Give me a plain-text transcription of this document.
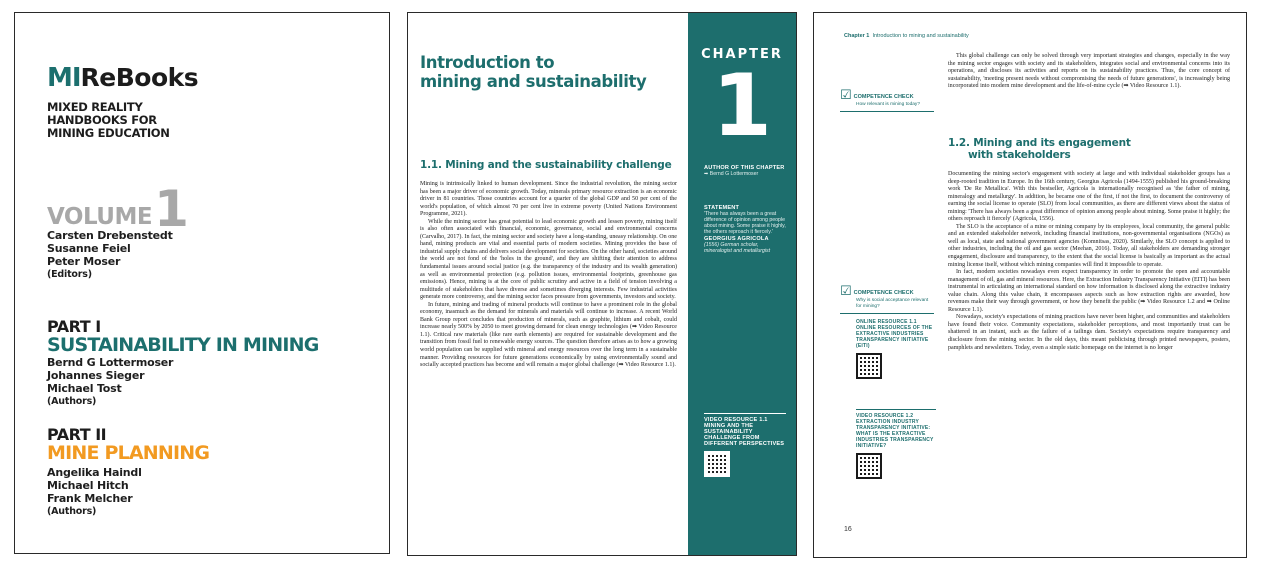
MI ReBooks
MIXED REALITY
HANDBOOKS FOR
MINING EDUCATION
VOLUME 1
Carsten Drebenstedt
Susanne Feiel
Peter Moser
(Editors)
PART I
SUSTAINABILITY IN MINING
Bernd G Lottermoser
Johannes Sieger
Michael Tost
(Authors)
PART II
MINE PLANNING
Angelika Haindl
Michael Hitch
Frank Melcher
(Authors)
Introduction to
mining and sustainability
1.1. Mining and the sustainability challenge

Mining is intrinsically linked to human development. Since the industrial revolution, the mining sector has been a major driver of economic growth. Today, minerals primary resource extraction is an economic driver in 81 countries. Those countries account for a quarter of the global GDP and 50 per cent of the world's population, of which almost 70 per cent live in extreme poverty (United Nations Environment Programme, 2021).

While the mining sector has great potential to lead economic growth and lessen poverty, mining itself is also often associated with financial, economic, governance, social and environmental concerns (Carvalho, 2017). In fact, the mining sector and society have a long-standing, uneasy relationship. On one hand, mining products are vital and essential parts of modern societies. Mining provides the base of industrial supply chains and delivers social development for societies. On the other hand, societies around the world are not fond of the 'holes in the ground', and they are shifting their attention to address fundamental issues around social justice (e.g. the transparency of the industry and its wealth generation) as well as environmental protection (e.g. pollution issues, environmental footprints, greenhouse gas emissions). Hence, mining is at the core of public scrutiny and active in a field of tension involving a multitude of stakeholders that have diverse and sometimes diverging interests. Few industrial activities generate more controversy, and the mining sector faces pressure from governments, investors and society.

In future, mining and trading of mineral products will continue to have a prominent role in the global economy, inasmuch as the demand for minerals and materials will continue to increase. A recent World Bank Group report concludes that production of minerals, such as graphite, lithium and cobalt, could increase nearly 500% by 2050 to meet growing demand for clean energy technologies (➡ Video Resource 1.1). Critical raw materials (like rare earth elements) are required for sustainable development and the transition from fossil fuel to renewable energy sources. The question therefore arises as to how a growing world population can be supplied with mineral and energy resources over the long term in a sustainable manner. Providing resources for future generations economically by using environmentally sound and socially accepted practices has become and will remain a major global challenge (➡ Video Resource 1.1).

CHAPTER
1
AUTHOR OF THIS CHAPTER
➡ Bernd G Lottermoser
STATEMENT
'There has always been a great difference of opinion among people about mining. Some praise it highly, the others reproach it fiercely.'
GEORGIUS AGRICOLA
(1556) German scholar, mineralogist and metallurgist
VIDEO RESOURCE 1.1 MINING AND THE SUSTAINABILITY CHALLENGE FROM DIFFERENT PERSPECTIVES
Chapter 1 Introduction to mining and sustainability
☑ COMPETENCE CHECK
How relevant is mining today?
☑ COMPETENCE CHECK
Why is social acceptance relevant for mining?
ONLINE RESOURCE 1.1 ONLINE RESOURCES OF THE EXTRACTIVE INDUSTRIES TRANSPARENCY INITIATIVE (EITI)
VIDEO RESOURCE 1.2 EXTRACTION INDUSTRY TRANSPARENCY INITIATIVE: WHAT IS THE EXTRACTIVE INDUSTRIES TRANSPARENCY INITIATIVE?

This global challenge can only be solved through very important strategies and changes, especially in the way the mining sector engages with society and its stakeholders, integrates social and environmental concerns into its operations, and discloses its activities and reports on its sustainability practices. Thus, the core concept of sustainability, 'meeting present needs without compromising the needs of future generations', is increasingly being incorporated into modern mine development and the life-of-mine cycle (➡ Video Resource 1.1).

1.2. Mining and its engagement
with stakeholders

Documenting the mining sector's engagement with society at large and with individual stakeholder groups has a deep-rooted tradition in Europe. In the 16th century, Georgius Agricola (1494-1555) published his ground-breaking work 'De Re Metallica'. With this bestseller, Agricola is internationally recognised as 'the father of mining, mineralogy and metallurgy'. In addition, he became one of the first, if not the first, to document the controversy of earning the social license to operate (SLO) from local communities, as there are different views about the status of mining: 'There has always been a great difference of opinion among people about mining. Some praise it highly; the others reproach it fiercely' (Agricola, 1556).

The SLO is the acceptance of a mine or mining company by its employees, local community, the general public and an extended stakeholder network, including financial institutions, non-governmental organisations (NGOs) as well as local, state and national government agencies (Komnitsas, 2020). Similarly, the SLO concept is applied to other industries, including the oil and gas sector (Meehan, 2016). Today, all stakeholders are demanding stronger engagement, disclosure and transparency, to the extent that the social license is basically as important as the actual mining license itself, without which mining companies will find it impossible to operate.

In fact, modern societies nowadays even expect transparency in order to promote the open and accountable management of oil, gas and mineral resources. Here, the Extraction Industry Transparency Initiative (EITI) has been instrumental in articulating an international standard on how information is disclosed along the extractive industry value chain. Along this value chain, it encompasses aspects such as how extraction rights are awarded, how revenues make their way through government, or how they benefit the public (➡ Video Resource 1.2 and ➡ Online Resource 1.1).

Nowadays, society's expectations of mining practices have never been higher, and communities and stakeholders have found their voice. Community expectations, stakeholder perceptions, and most importantly trust can be shattered in an instant, such as the failure of a tailings dam. Society's expectations require transparency and disclosure from the mining sector. In the old days, this meant publicising through printed newspapers, posters, pamphlets and newsletters. Today, even a simple static homepage on the internet is no longer

16
